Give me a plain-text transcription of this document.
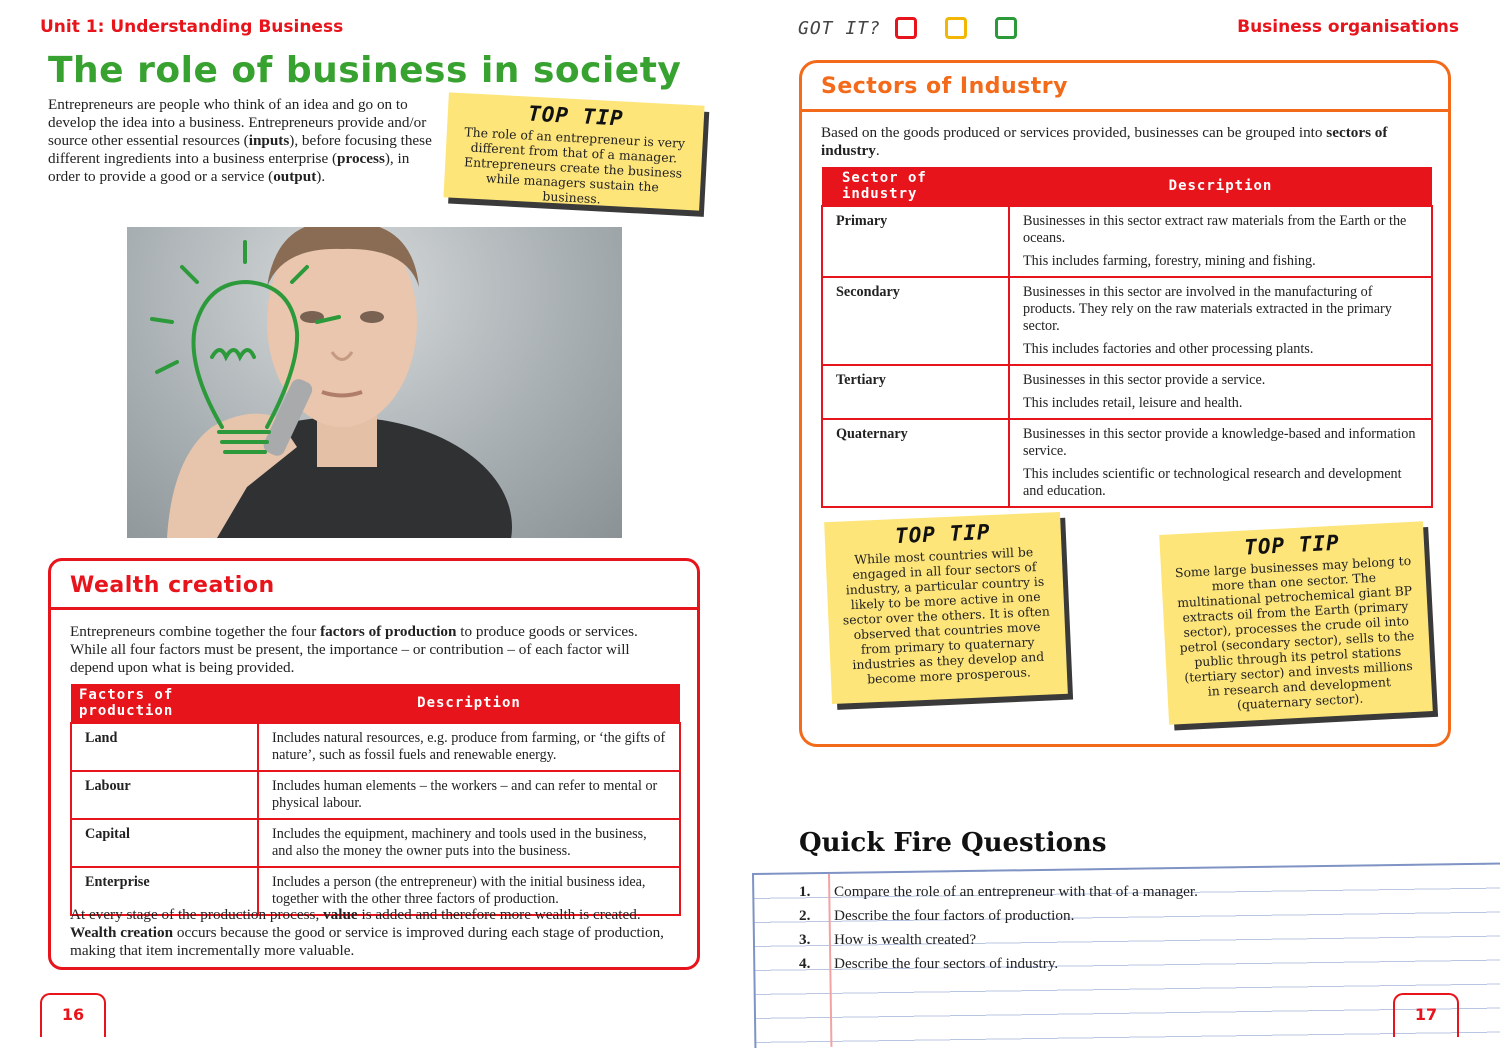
Unit 1: Understanding Business
The role of business in society
Entrepreneurs are people who think of an idea and go on to develop the idea into a business. Entrepreneurs provide and/or source other essential resources (inputs), before focusing these different ingredients into a business enterprise (process), in order to provide a good or a service (output).
TOP TIP
The role of an entrepreneur is very different from that of a manager. Entrepreneurs create the business while managers sustain the business.
Wealth creation
Entrepreneurs combine together the four factors of production to produce goods or services. While all four factors must be present, the importance – or contribution – of each factor will depend upon what is being provided.
Factors of production	Description
Land	Includes natural resources, e.g. produce from farming, or ‘the gifts of nature’, such as fossil fuels and renewable energy.
Labour	Includes human elements – the workers – and can refer to mental or physical labour.
Capital	Includes the equipment, machinery and tools used in the business, and also the money the owner puts into the business.
Enterprise	Includes a person (the entrepreneur) with the initial business idea, together with the other three factors of production.
At every stage of the production process, value is added and therefore more wealth is created. Wealth creation occurs because the good or service is improved during each stage of production, making that item incrementally more valuable.
16
GOT IT?	Business organisations
Sectors of Industry
Based on the goods produced or services provided, businesses can be grouped into sectors of industry.
Sector of industry	Description
Primary	Businesses in this sector extract raw materials from the Earth or the oceans.

This includes farming, forestry, mining and fishing.

Secondary	Businesses in this sector are involved in the manufacturing of products. They rely on the raw materials extracted in the primary sector.

This includes factories and other processing plants.

Tertiary	Businesses in this sector provide a service.

This includes retail, leisure and health.

Quaternary	Businesses in this sector provide a knowledge-based and information service.

This includes scientific or technological research and development and education.

TOP TIP
While most countries will be engaged in all four sectors of industry, a particular country is likely to be more active in one sector over the others. It is often observed that countries move from primary to quaternary industries as they develop and become more prosperous.
TOP TIP
Some large businesses may belong to more than one sector. The multinational petrochemical giant BP extracts oil from the Earth (primary sector), processes the crude oil into petrol (secondary sector), sells to the public through its petrol stations (tertiary sector) and invests millions in research and development (quaternary sector).
Quick Fire Questions
1. Compare the role of an entrepreneur with that of a manager.
2. Describe the four factors of production.
3. How is wealth created?
4. Describe the four sectors of industry.
17
